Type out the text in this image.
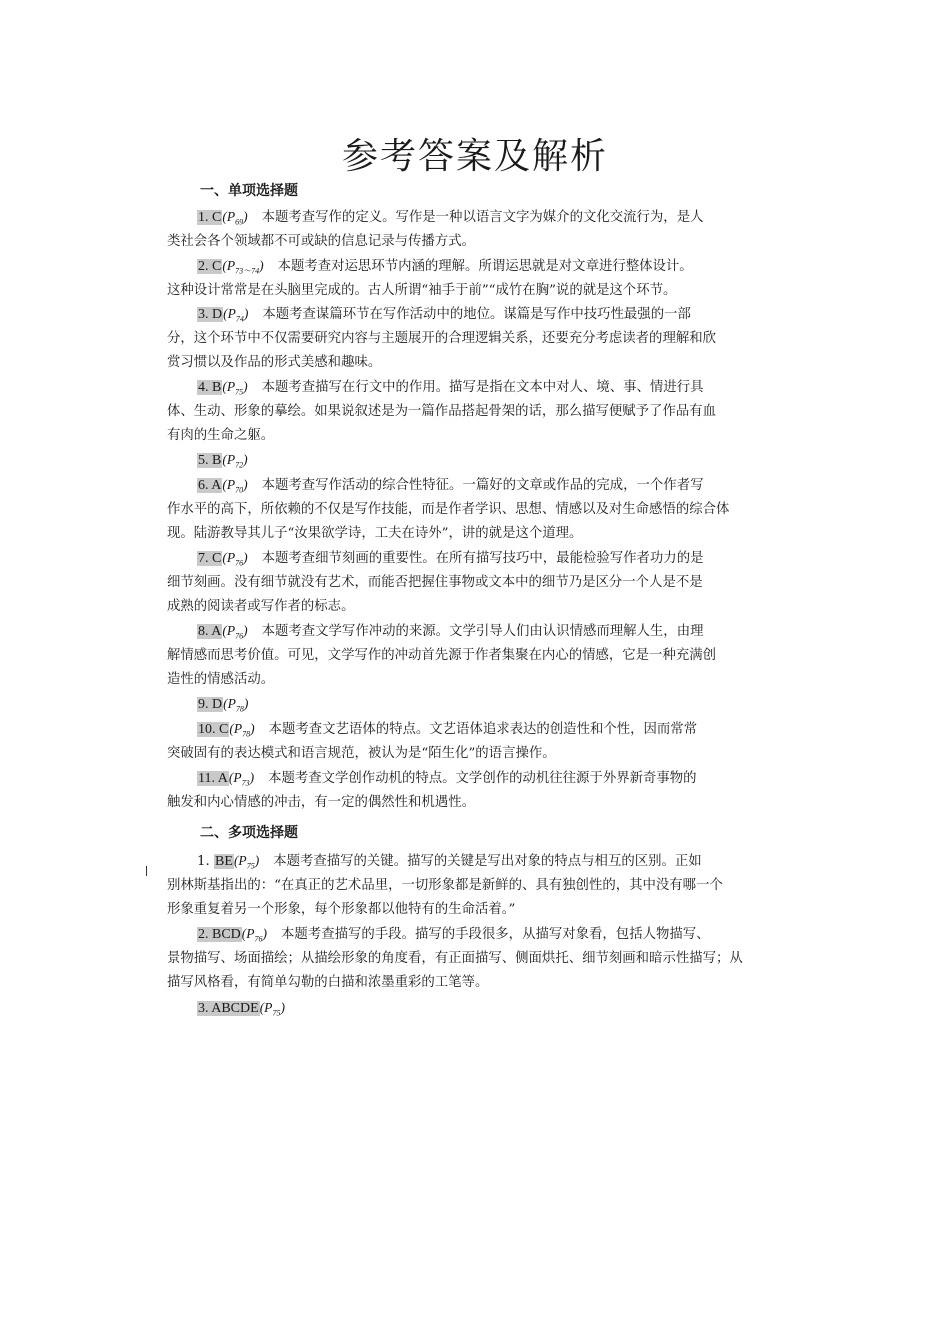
参考答案及解析
一、单项选择题
1. $C(P_{69})$ 本题考查写作的定义。写作是一种以语言文字为媒介的文化交流行为，是人
类社会各个领域都不可或缺的信息记录与传播方式。
2. $C(P_{73\sim 74})$ 本题考查对运思环节内涵的理解。所谓运思就是对文章进行整体设计。
这种设计常常是在头脑里完成的。古人所谓“袖手于前”“成竹在胸”说的就是这个环节。
3. $D(P_{74})$ 本题考查谋篇环节在写作活动中的地位。谋篇是写作中技巧性最强的一部
分，这个环节中不仅需要研究内容与主题展开的合理逻辑关系，还要充分考虑读者的理解和欣
赏习惯以及作品的形式美感和趣味。
4. $B(P_{75})$ 本题考查描写在行文中的作用。描写是指在文本中对人、境、事、情进行具
体、生动、形象的摹绘。如果说叙述是为一篇作品搭起骨架的话，那么描写便赋予了作品有血
有肉的生命之躯。
5. $B(P_{72})$
6. $A(P_{70})$ 本题考查写作活动的综合性特征。一篇好的文章或作品的完成，一个作者写
作水平的高下，所依赖的不仅是写作技能，而是作者学识、思想、情感以及对生命感悟的综合体
现。陆游教导其儿子“汝果欲学诗，工夫在诗外”，讲的就是这个道理。
7. $C(P_{76})$ 本题考查细节刻画的重要性。在所有描写技巧中，最能检验写作者功力的是
细节刻画。没有细节就没有艺术，而能否把握住事物或文本中的细节乃是区分一个人是不是
成熟的阅读者或写作者的标志。
8. $A(P_{76})$ 本题考查文学写作冲动的来源。文学引导人们由认识情感而理解人生，由理
解情感而思考价值。可见，文学写作的冲动首先源于作者集聚在内心的情感，它是一种充满创
造性的情感活动。
9. $D(P_{78})$
10. $C(P_{78})$ 本题考查文艺语体的特点。文艺语体追求表达的创造性和个性，因而常常
突破固有的表达模式和语言规范，被认为是“陌生化”的语言操作。
11. $A(P_{73})$ 本题考查文学创作动机的特点。文学创作的动机往往源于外界新奇事物的
触发和内心情感的冲击，有一定的偶然性和机遇性。
二、多项选择题
1. $BE(P_{75})$ 本题考查描写的关键。描写的关键是写出对象的特点与相互的区别。正如
别林斯基指出的：“在真正的艺术品里，一切形象都是新鲜的、具有独创性的，其中没有哪一个
形象重复着另一个形象，每个形象都以他特有的生命活着。”
2. $BCD(P_{76})$ 本题考查描写的手段。描写的手段很多，从描写对象看，包括人物描写、
景物描写、场面描绘；从描绘形象的角度看，有正面描写、侧面烘托、细节刻画和暗示性描写；从
描写风格看，有简单勾勒的白描和浓墨重彩的工笔等。
3. $ABCDE(P_{75})$
